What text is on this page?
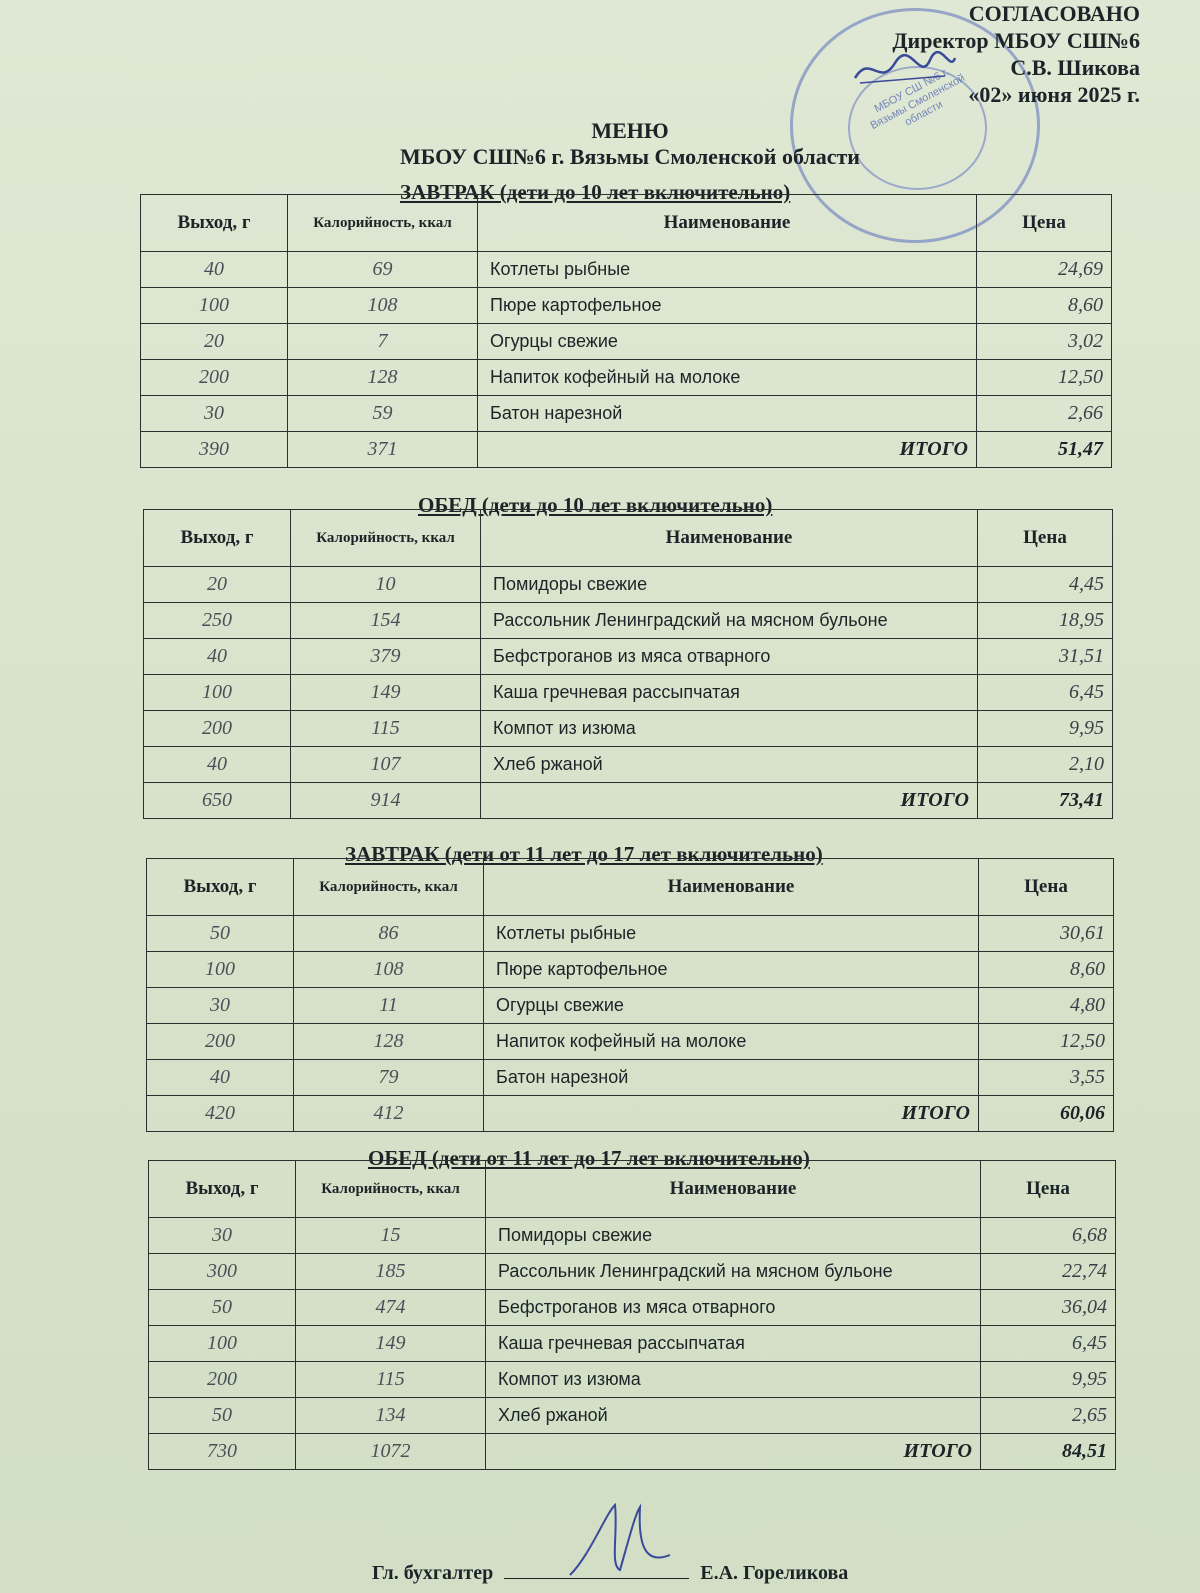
МБОУ СШ №6 г. Вязьмы Смоленской области
СОГЛАСОВАНО
Директор МБОУ СШ№6
С.В. Шикова
«02» июня 2025 г.
МЕНЮ
МБОУ СШ№6 г. Вязьмы Смоленской области
ЗАВТРАК (дети до 10 лет включительно)
Выход, г	Калорийность, ккал	Наименование	Цена
40	69	Котлеты рыбные	24,69
100	108	Пюре картофельное	8,60
20	7	Огурцы свежие	3,02
200	128	Напиток кофейный на молоке	12,50
30	59	Батон нарезной	2,66
390	371	ИТОГО	51,47
ОБЕД (дети до 10 лет включительно)
Выход, г	Калорийность, ккал	Наименование	Цена
20	10	Помидоры свежие	4,45
250	154	Рассольник Ленинградский на мясном бульоне	18,95
40	379	Бефстроганов из мяса отварного	31,51
100	149	Каша гречневая рассыпчатая	6,45
200	115	Компот из изюма	9,95
40	107	Хлеб ржаной	2,10
650	914	ИТОГО	73,41
ЗАВТРАК (дети от 11 лет до 17 лет включительно)
Выход, г	Калорийность, ккал	Наименование	Цена
50	86	Котлеты рыбные	30,61
100	108	Пюре картофельное	8,60
30	11	Огурцы свежие	4,80
200	128	Напиток кофейный на молоке	12,50
40	79	Батон нарезной	3,55
420	412	ИТОГО	60,06
ОБЕД (дети от 11 лет до 17 лет включительно)
Выход, г	Калорийность, ккал	Наименование	Цена
30	15	Помидоры свежие	6,68
300	185	Рассольник Ленинградский на мясном бульоне	22,74
50	474	Бефстроганов из мяса отварного	36,04
100	149	Каша гречневая рассыпчатая	6,45
200	115	Компот из изюма	9,95
50	134	Хлеб ржаной	2,65
730	1072	ИТОГО	84,51
Гл. бухгалтер	Е.А. Гореликова
